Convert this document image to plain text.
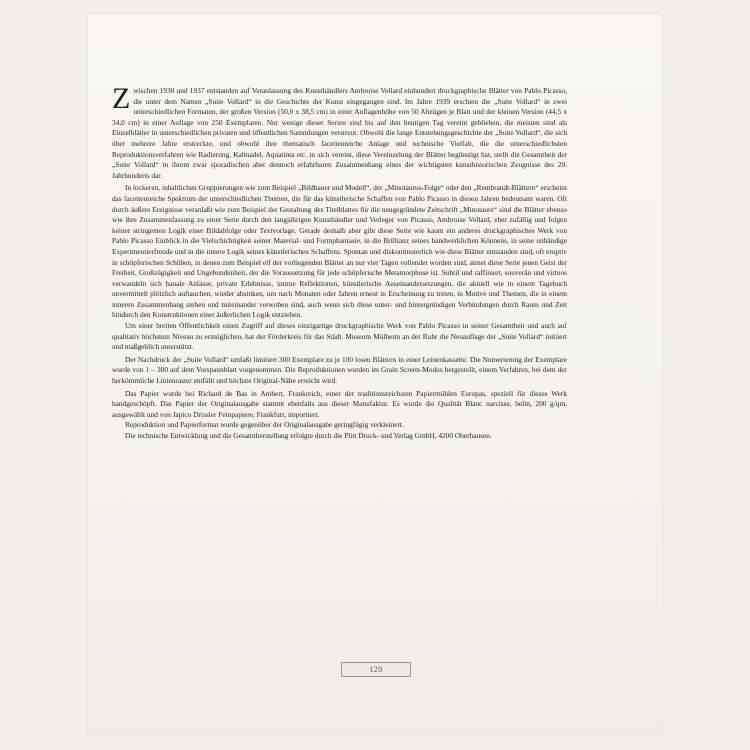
Zwischen 1930 und 1937 entstanden auf Veranlassung des Kunsthändlers Ambroise Vollard einhundert druckgraphische Blätter von Pablo Picasso, die unter dem Namen „Suite Vollard“ in die Geschichte der Kunst eingegangen sind. Im Jahre 1939 erschien die „Suite Vollard“ in zwei unterschiedlichen Formaten, der großen Version (50,0 x 38,5 cm) in einer Auflagenhöhe von 50 Abzügen je Blatt und der kleinen Version (44,5 x 34,0 cm) in einer Auflage von 250 Exemplaren. Nur wenige dieser Serien sind bis auf den heutigen Tag vereint geblieben, die meisten sind als Einzelblätter in unterschiedlichen privaten und öffentlichen Sammlungen verstreut. Obwohl die lange Entstehungsgeschichte der „Suite Vollard“, die sich über mehrere Jahre erstreckte, und obwohl ihre thematisch facettenreiche Anlage und technische Vielfalt, die die unterschiedlichsten Reproduktionsverfahren wie Radierung, Kaltnadel, Aquatinta etc. in sich vereint, diese Vereinzelung der Blätter begünstigt hat, stellt die Gesamtheit der „Suite Vollard“ in ihrem zwar sporadischen aber dennoch erfahrbaren Zusammenhang eines der wichtigsten kunsthistorischen Zeugnisse des 20. Jahrhunderts dar.

In lockeren, inhaltlichen Gruppierungen wie zum Beispiel „Bildhauer und Modell“, der „Minotaurus-Folge“ oder den „Rembrandt-Blättern“ erscheint das facettenreiche Spektrum der unterschiedlichen Themen, die für das künstlerische Schaffen von Pablo Picasso in diesen Jahren bedeutsam waren. Oft durch äußere Ereignisse veranlaßt wie zum Beispiel der Gestaltung des Titelblattes für die neugegründete Zeitschrift „Minotaure“ sind die Blätter ebenso wie ihre Zusammenfassung zu einer Serie durch den langjährigen Kunsthändler und Verleger von Picasso, Ambroise Vollard, eher zufällig und folgen keiner stringenten Logik einer Bildabfolge oder Textvorlage. Gerade deshalb aber gibt diese Serie wie kaum ein anderes druckgraphisches Werk von Pablo Picasso Einblick in die Vielschichtigkeit seiner Material- und Formphantasie, in die Brillianz seines handwerklichen Könnens, in seine unbändige Experimentierfreude und in die innere Logik seines künstlerischen Schaffens. Spontan und diskontinuierlich wie diese Blätter entstanden sind, oft eruptiv in schöpferischen Schüben, in denen zum Beispiel elf der vorliegenden Blätter an nur vier Tagen vollendet worden sind, atmet diese Serie jenen Geist der Freiheit, Großzügigkeit und Ungebundenheit, der die Voraussetzung für jede schöpferische Metamorphose ist. Subtil und raffiniert, souverän und virtuos verwandeln sich banale Anlässe, private Erlebnisse, intime Reflektionen, künstlerische Auseinandersetzungen, die aktuell wie in einem Tagebuch unvermittelt plötzlich auftauchen, wieder absinken, um nach Monaten oder Jahren erneut in Erscheinung zu treten, in Motive und Themen, die in einem inneren Zusammenhang stehen und miteinander verwoben sind, auch wenn sich diese unter- und hintergründigen Verbindungen durch Raum und Zeit hindurch den Konstruktionen einer äußerlichen Logik entziehen.

Um einer breiten Öffentlichkeit einen Zugriff auf dieses einzigartige druckgraphische Werk von Pablo Picasso in seiner Gesamtheit und auch auf qualitativ höchstem Niveau zu ermöglichen, hat der Förderkreis für das Städt. Museum Mülheim an der Ruhr die Neuauflage der „Suite Vollard“ initiiert und maßgeblich unterstützt.

Der Nachdruck der „Suite Vollard“ umfaßt limitiert 300 Exemplare zu je 100 losen Blättern in einer Leinenkassette. Die Numerierung der Exemplare wurde von 1 – 300 auf dem Vorspannblatt vorgenommen. Die Reproduktionen wurden im Grain Screen-Modus hergestellt, einem Verfahren, bei dem der herkömmliche Linienraster entfällt und höchste Original-Nähe erreicht wird.

Das Papier wurde bei Richard de Bas in Ambert, Frankreich, einer der traditionsreichsten Papiermühlen Europas, speziell für dieses Werk handgeschöpft. Das Papier der Originalausgabe stammt ebenfalls aus dieser Manufaktur. Es wurde die Qualität Blanc narcisse, belin, 200 g/qm, ausgewählt und von Japico Drissler Feinpapiere, Frankfurt, importiert.

Reproduktion und Papierformat wurde gegenüber der Originalausgabe geringfügig verkleinert.

Die technische Entwicklung und die Gesamtherstellung erfolgte durch die Plitt Druck- und Verlag GmbH, 4200 Oberhausen.

120
